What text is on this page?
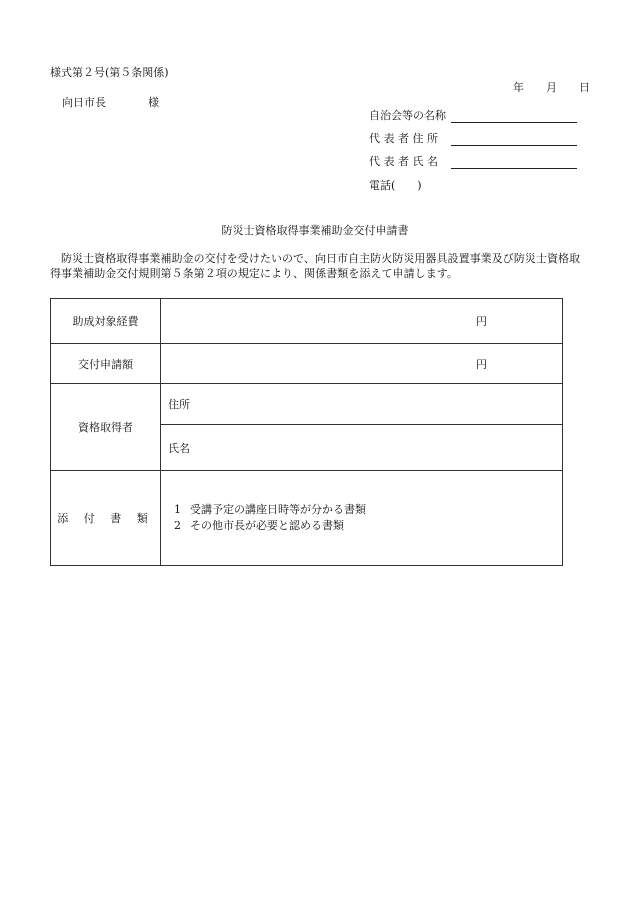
様式第２号(第５条関係)
年 月 日
向日市長	様
自治会等の名称
代 表 者 住 所
代 表 者 氏 名
電話(　　)
防災士資格取得事業補助金交付申請書
防災士資格取得事業補助金の交付を受けたいので、向日市自主防火防災用器具設置事業及び防災士資格取得事業補助金交付規則第５条第２項の規定により、関係書類を添えて申請します。
助成対象経費	円

交付申請額	円

資格取得者	住所
	氏名
添 付 書 類	1 受講予定の講座日時等が分かる書類
2 その他市長が必要と認める書類
